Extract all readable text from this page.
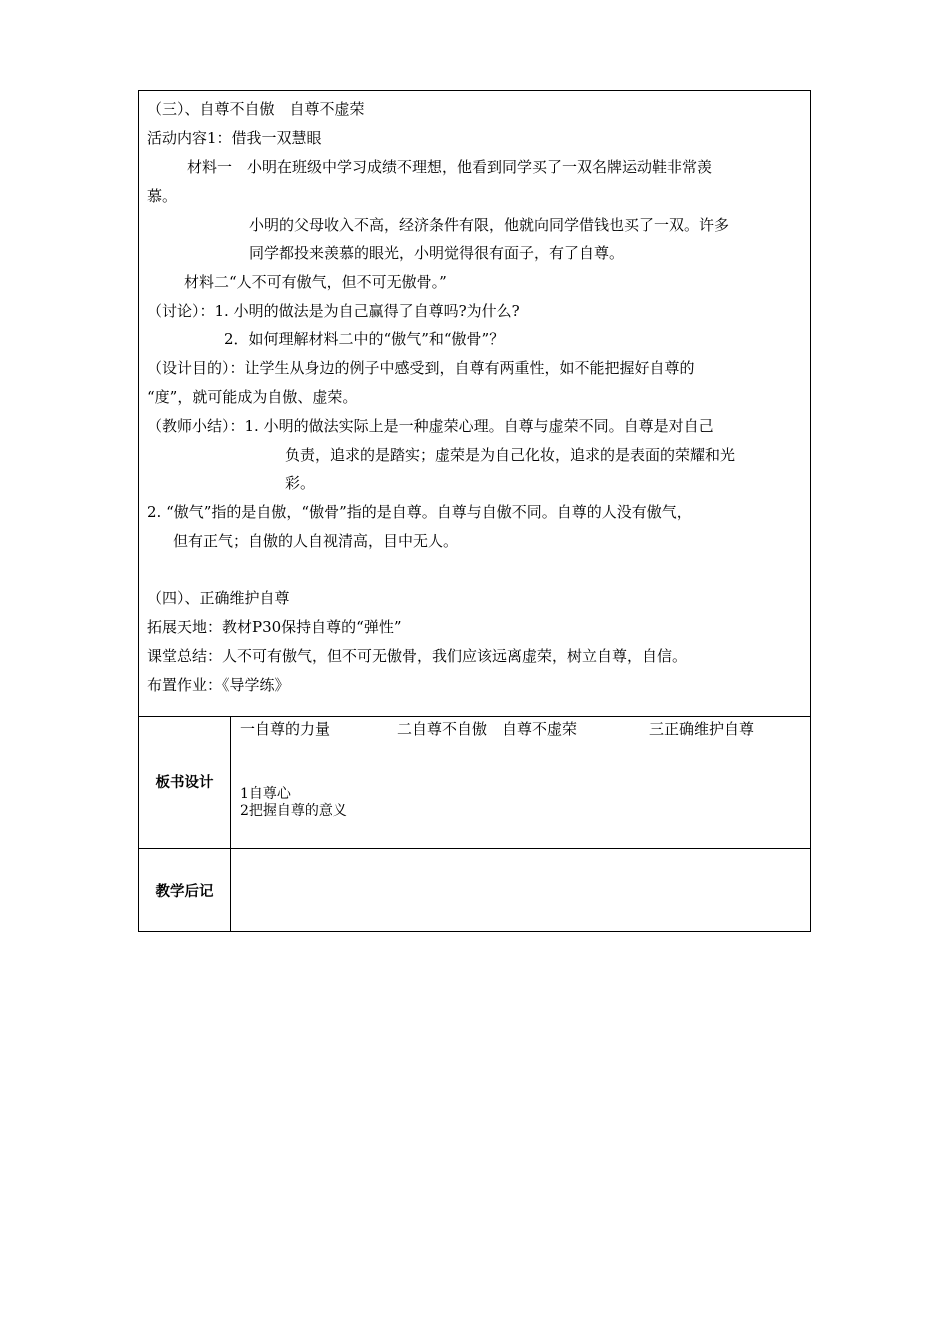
（三）、自尊不自傲　自尊不虚荣
活动内容1：借我一双慧眼
材料一　小明在班级中学习成绩不理想，他看到同学买了一双名牌运动鞋非常羡
慕。
小明的父母收入不高，经济条件有限，他就向同学借钱也买了一双。许多
同学都投来羡慕的眼光，小明觉得很有面子，有了自尊。
材料二“人不可有傲气，但不可无傲骨。”
（讨论）：1. 小明的做法是为自己赢得了自尊吗?为什么?
2．如何理解材料二中的“傲气”和“傲骨”？
（设计目的）：让学生从身边的例子中感受到，自尊有两重性，如不能把握好自尊的
“度”，就可能成为自傲、虚荣。
（教师小结）：1. 小明的做法实际上是一种虚荣心理。自尊与虚荣不同。自尊是对自己
负责，追求的是踏实；虚荣是为自己化妆，追求的是表面的荣耀和光
彩。
2. “傲气”指的是自傲，“傲骨”指的是自尊。自尊与自傲不同。自尊的人没有傲气，
但有正气；自傲的人自视清高，目中无人。
（四）、正确维护自尊
拓展天地：教材P30保持自尊的“弹性”
课堂总结：人不可有傲气，但不可无傲骨，我们应该远离虚荣，树立自尊，自信。
布置作业：《导学练》
板书设计
一自尊的力量	二自尊不自傲　自尊不虚荣	三正确维护自尊
1自尊心
2把握自尊的意义
教学后记
